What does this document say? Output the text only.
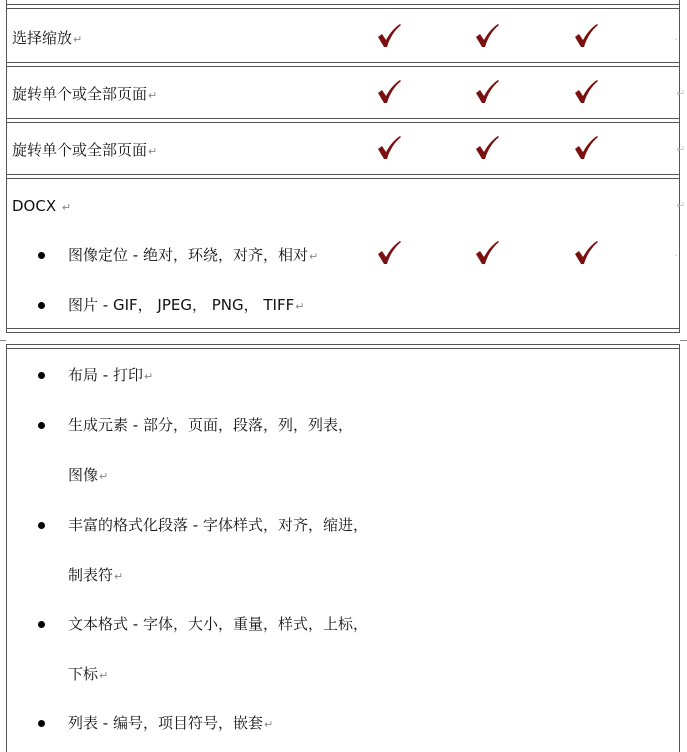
选择缩放↵
旋转单个或全部页面↵
旋转单个或全部页面↵
DOCX ↵
图像定位 - 绝对，环绕，对齐，相对↵
图片 - GIF， JPEG， PNG， TIFF↵
布局 - 打印↵
生成元素 - 部分，页面，段落，列，列表，
图像↵
丰富的格式化段落 - 字体样式，对齐，缩进，
制表符↵
文本格式 - 字体，大小，重量，样式，上标，
下标↵
列表 - 编号，项目符号，嵌套↵
·
↵
↵
↵
·
